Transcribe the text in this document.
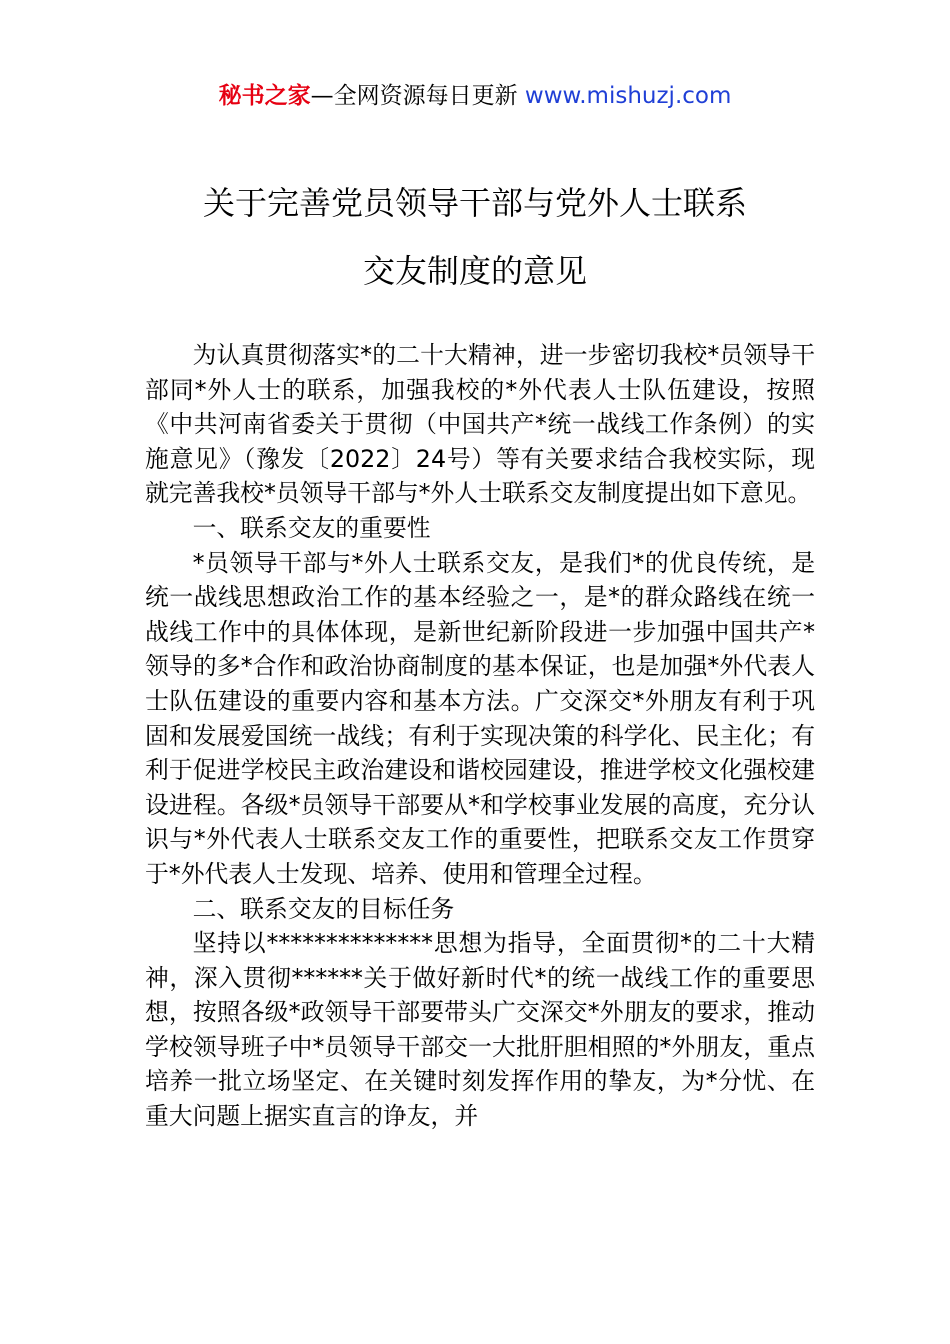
秘书之家—全网资源每日更新 www.mishuzj.com
关于完善党员领导干部与党外人士联系
交友制度的意见

为认真贯彻落实*的二十大精神，进一步密切我校*员领导干部同*外人士的联系，加强我校的*外代表人士队伍建设，按照《中共河南省委关于贯彻（中国共产*统一战线工作条例）的实施意见》（豫发〔2022〕24号）等有关要求结合我校实际，现就完善我校*员领导干部与*外人士联系交友制度提出如下意见。

一、联系交友的重要性

*员领导干部与*外人士联系交友，是我们*的优良传统，是统一战线思想政治工作的基本经验之一，是*的群众路线在统一战线工作中的具体体现，是新世纪新阶段进一步加强中国共产*领导的多*合作和政治协商制度的基本保证，也是加强*外代表人士队伍建设的重要内容和基本方法。广交深交*外朋友有利于巩固和发展爱国统一战线；有利于实现决策的科学化、民主化；有利于促进学校民主政治建设和谐校园建设，推进学校文化强校建设进程。各级*员领导干部要从*和学校事业发展的高度，充分认识与*外代表人士联系交友工作的重要性，把联系交友工作贯穿于*外代表人士发现、培养、使用和管理全过程。

二、联系交友的目标任务

坚持以**************思想为指导，全面贯彻*的二十大精神，深入贯彻******关于做好新时代*的统一战线工作的重要思想，按照各级*政领导干部要带头广交深交*外朋友的要求，推动学校领导班子中*员领导干部交一大批肝胆相照的*外朋友，重点培养一批立场坚定、在关键时刻发挥作用的挚友，为*分忧、在重大问题上据实直言的诤友，并
